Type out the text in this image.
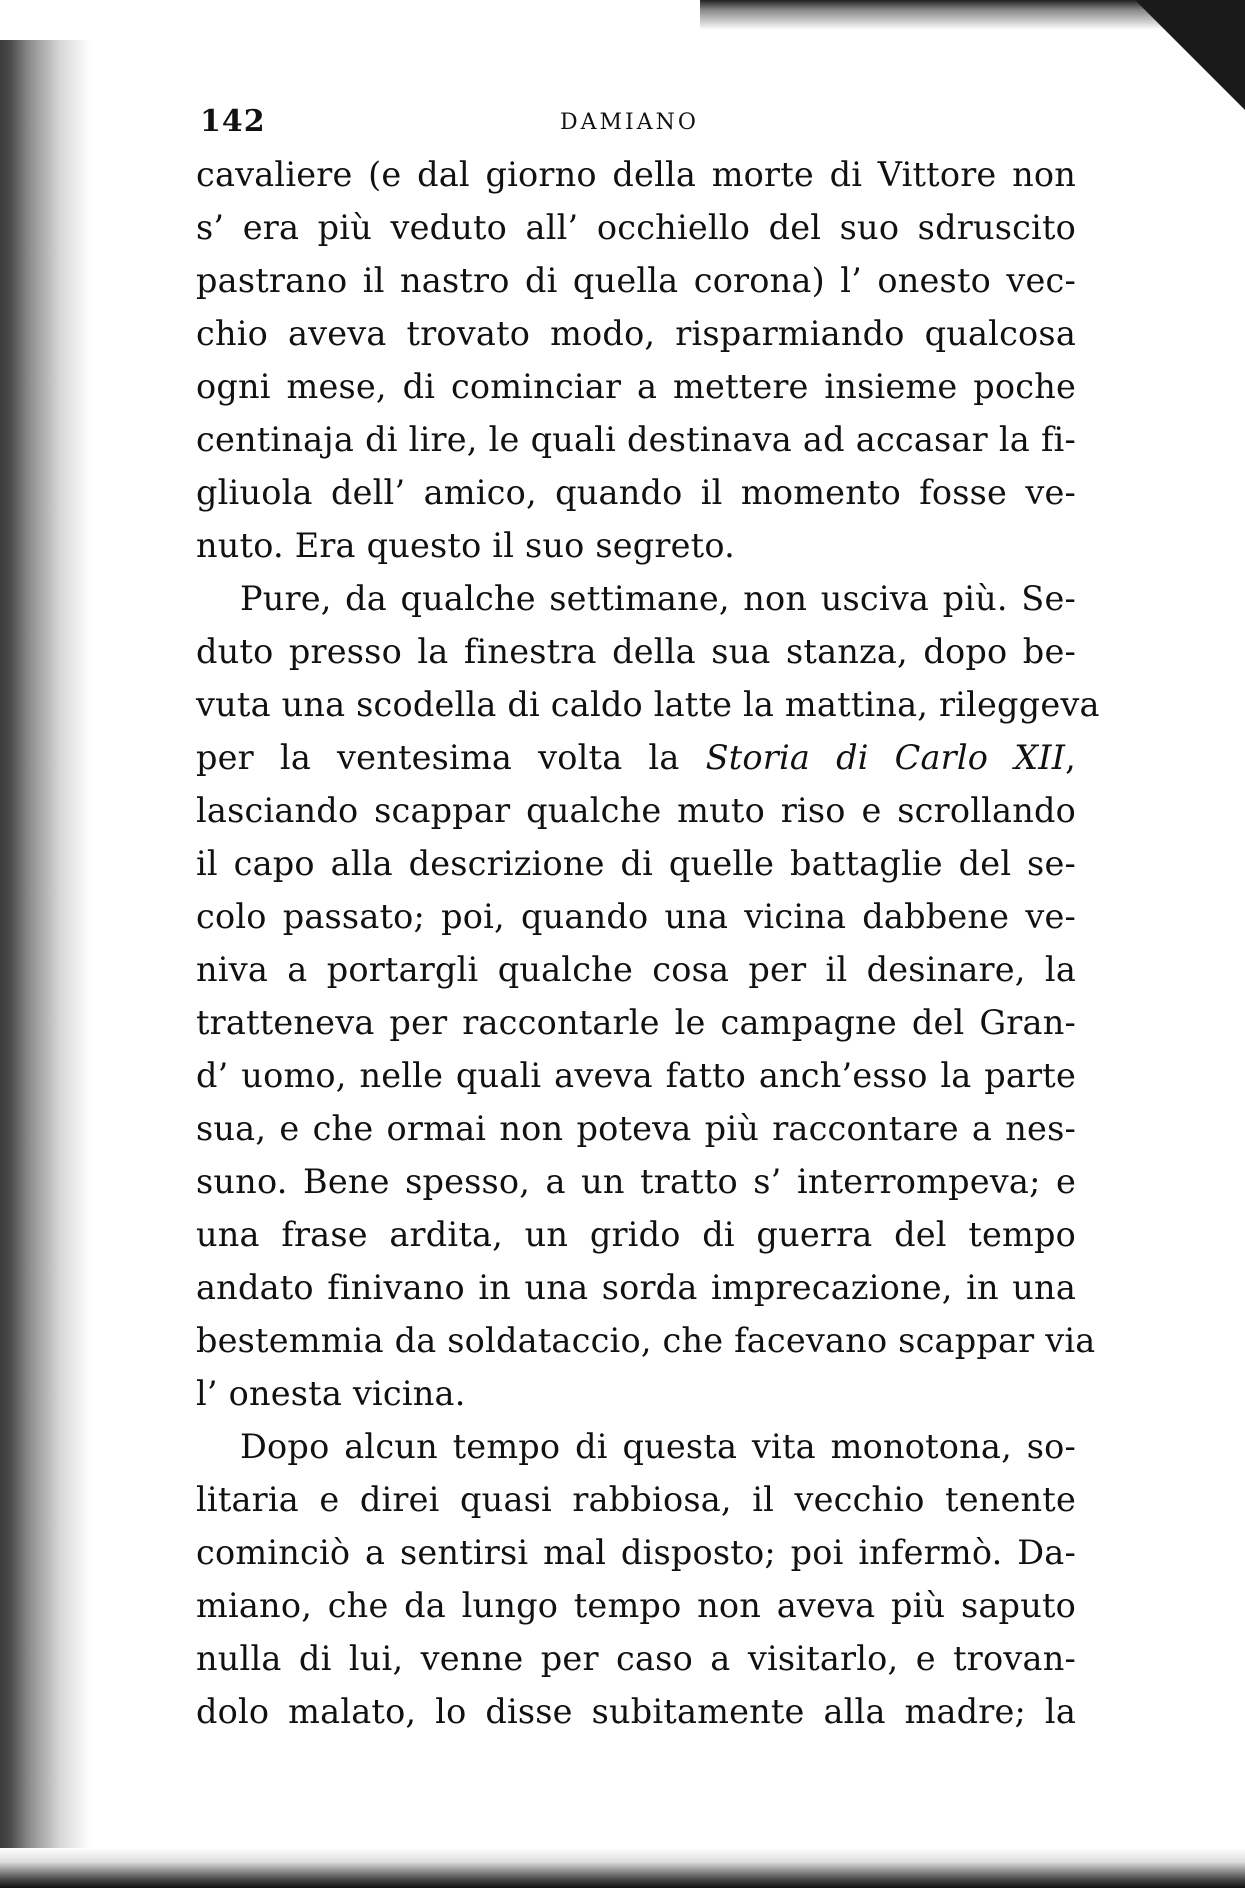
142	DAMIANO
cavaliere (e dal giorno della morte di Vittore non
s’ era più veduto all’ occhiello del suo sdruscito
pastrano il nastro di quella corona) l’ onesto vec-
chio aveva trovato modo, risparmiando qualcosa
ogni mese, di cominciar a mettere insieme poche
centinaja di lire, le quali destinava ad accasar la fi-
gliuola dell’ amico, quando il momento fosse ve-
nuto. Era questo il suo segreto.
Pure, da qualche settimane, non usciva più. Se-
duto presso la finestra della sua stanza, dopo be-
vuta una scodella di caldo latte la mattina, rileggeva
per la ventesima volta la Storia di Carlo XII,
lasciando scappar qualche muto riso e scrollando
il capo alla descrizione di quelle battaglie del se-
colo passato; poi, quando una vicina dabbene ve-
niva a portargli qualche cosa per il desinare, la
tratteneva per raccontarle le campagne del Gran-
d’ uomo, nelle quali aveva fatto anch’esso la parte
sua, e che ormai non poteva più raccontare a nes-
suno. Bene spesso, a un tratto s’ interrompeva; e
una frase ardita, un grido di guerra del tempo
andato finivano in una sorda imprecazione, in una
bestemmia da soldataccio, che facevano scappar via
l’ onesta vicina.
Dopo alcun tempo di questa vita monotona, so-
litaria e direi quasi rabbiosa, il vecchio tenente
cominciò a sentirsi mal disposto; poi infermò. Da-
miano, che da lungo tempo non aveva più saputo
nulla di lui, venne per caso a visitarlo, e trovan-
dolo malato, lo disse subitamente alla madre; la
